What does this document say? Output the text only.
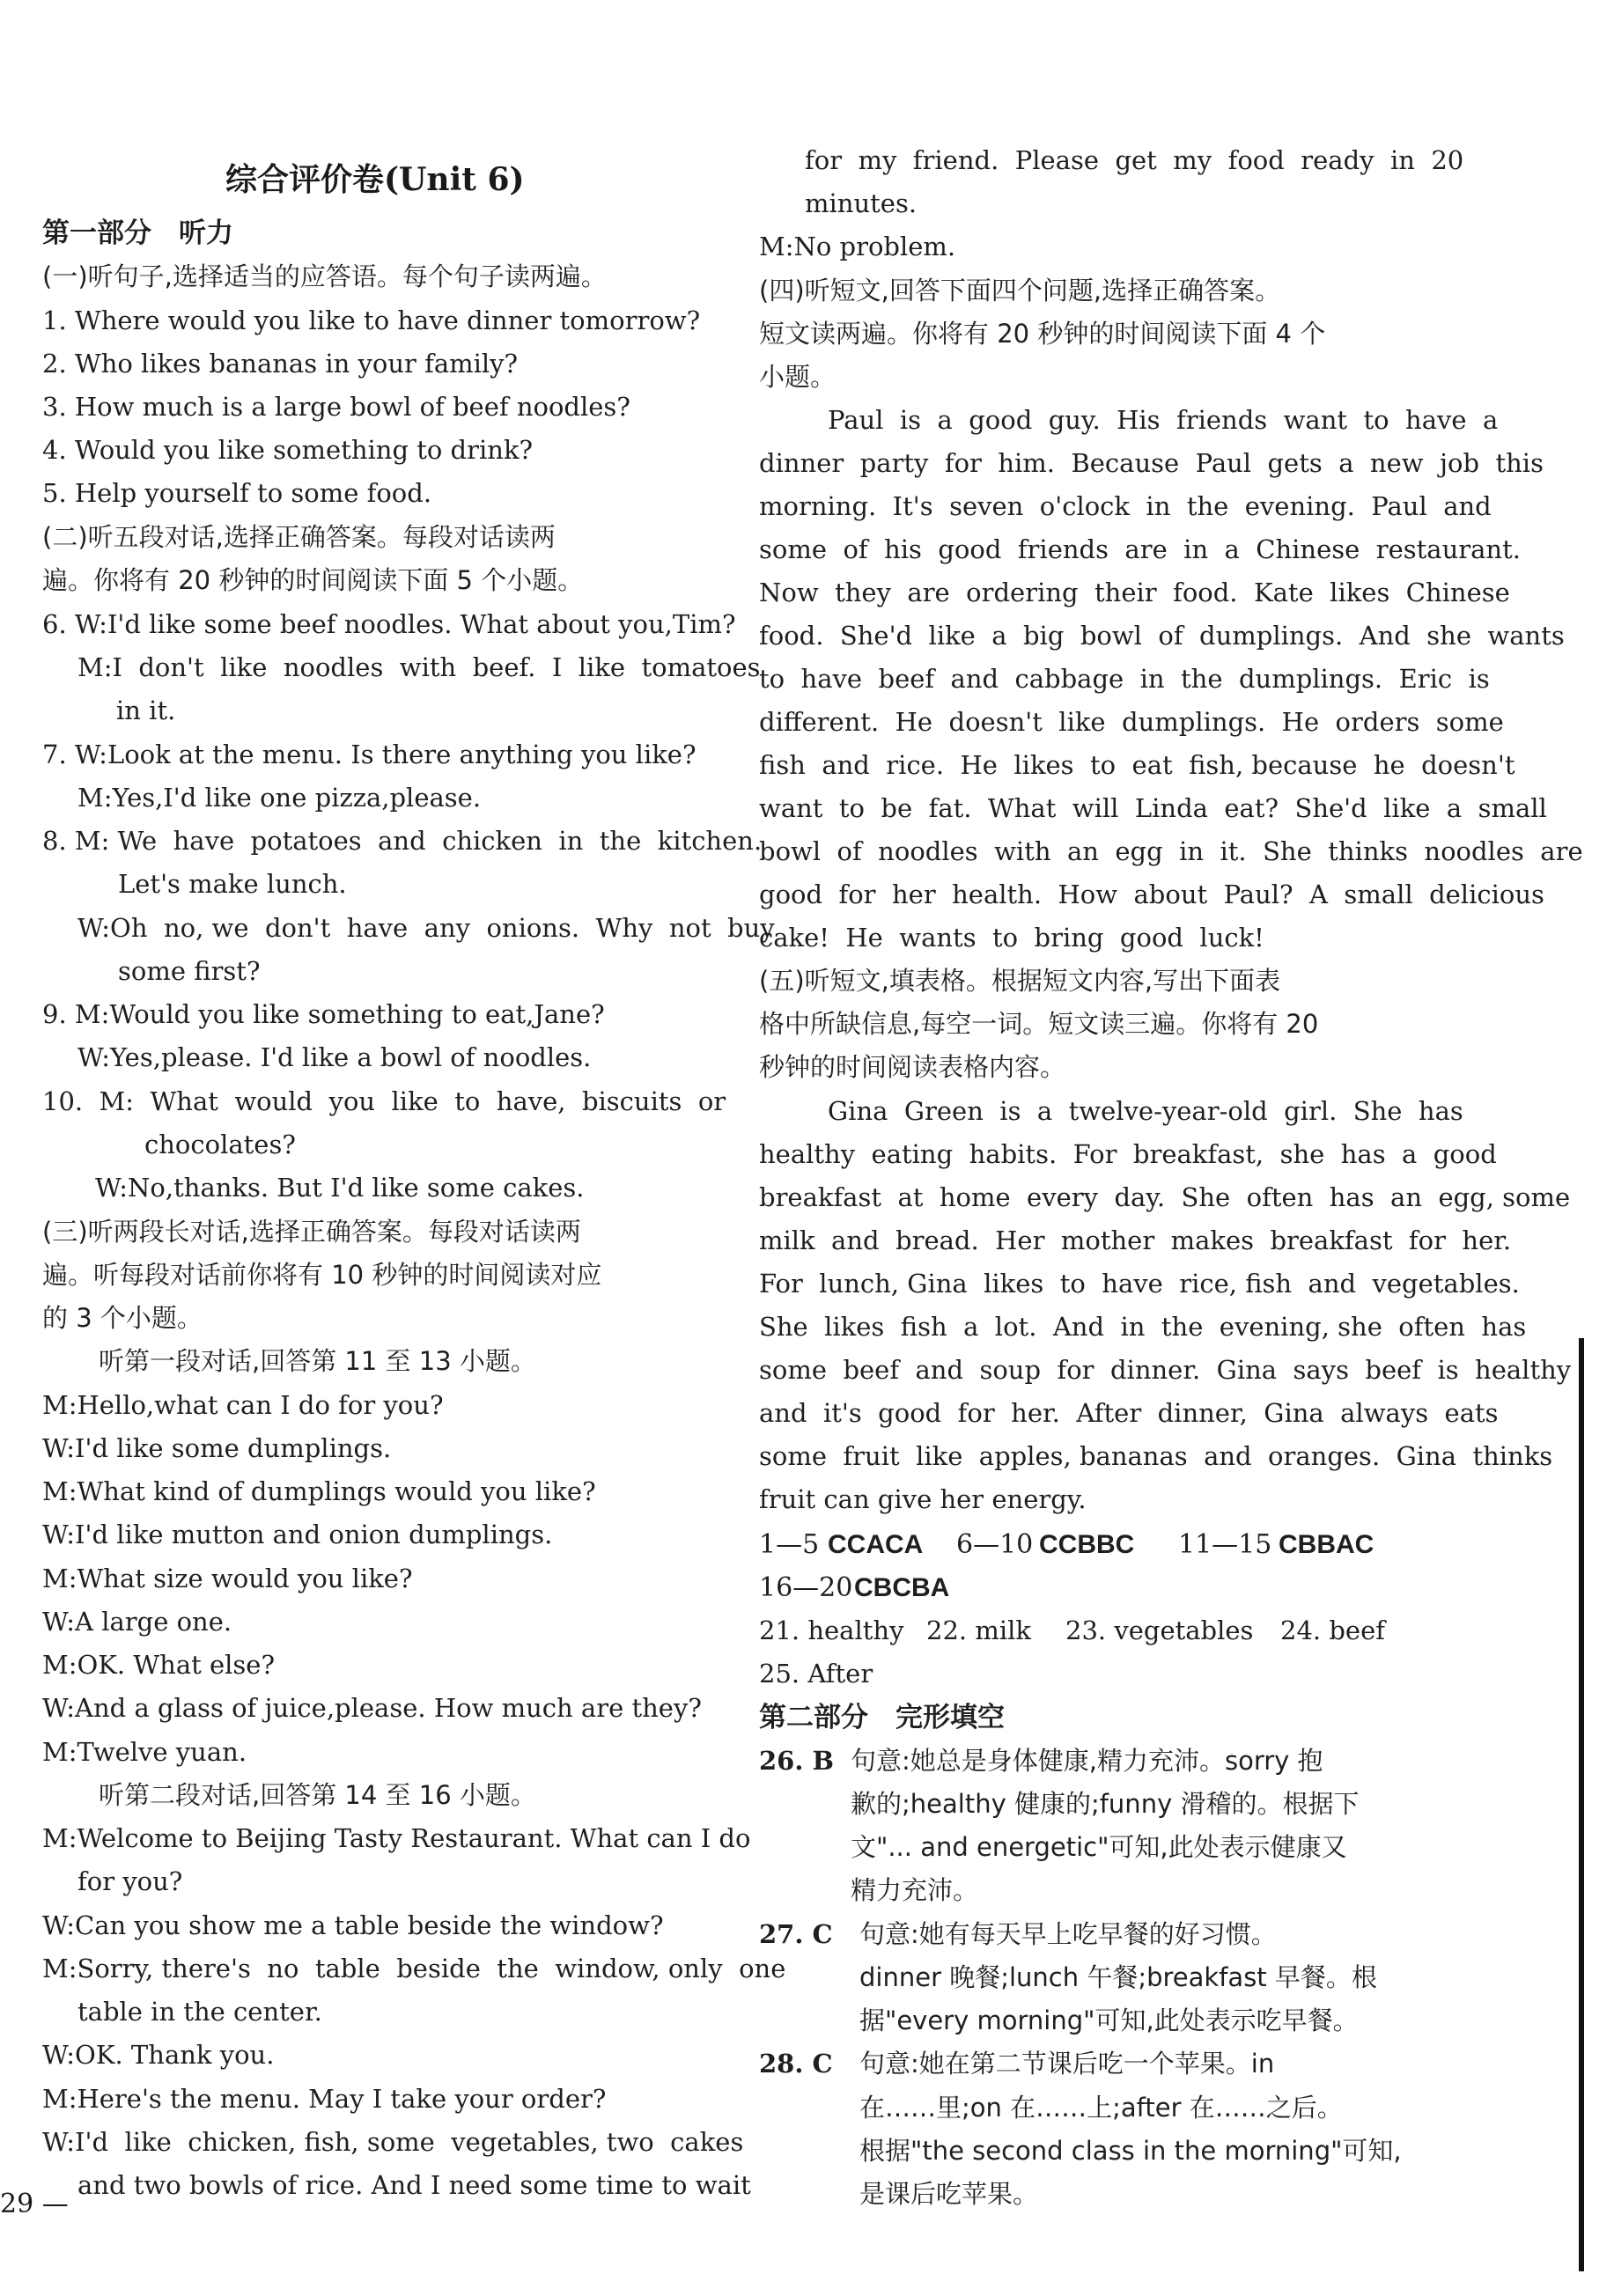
综合评价卷(Unit 6)
第一部分　听力
(一)听句子,选择适当的应答语。每个句子读两遍。
1. Where would you like to have dinner tomorrow?
2. Who likes bananas in your family?
3. How much is a large bowl of beef noodles?
4. Would you like something to drink?
5. Help yourself to some food.
(二)听五段对话,选择正确答案。每段对话读两
遍。你将有 20 秒钟的时间阅读下面 5 个小题。
6. W:I'd like some beef noodles. What about you,Tim?
M:I  don't  like  noodles  with  beef.  I  like  tomatoes
in it.
7. W:Look at the menu. Is there anything you like?
M:Yes,I'd like one pizza,please.
8. M: We  have  potatoes  and  chicken  in  the  kitchen.
Let's make lunch.
W:Oh  no, we  don't  have  any  onions.  Why  not  buy
some first?
9. M:Would you like something to eat,Jane?
W:Yes,please. I'd like a bowl of noodles.
10.  M:  What  would  you  like  to  have,  biscuits  or
chocolates?
W:No,thanks. But I'd like some cakes.
(三)听两段长对话,选择正确答案。每段对话读两
遍。听每段对话前你将有 10 秒钟的时间阅读对应
的 3 个小题。
听第一段对话,回答第 11 至 13 小题。
M:Hello,what can I do for you?
W:I'd like some dumplings.
M:What kind of dumplings would you like?
W:I'd like mutton and onion dumplings.
M:What size would you like?
W:A large one.
M:OK. What else?
W:And a glass of juice,please. How much are they?
M:Twelve yuan.
听第二段对话,回答第 14 至 16 小题。
M:Welcome to Beijing Tasty Restaurant. What can I do
for you?
W:Can you show me a table beside the window?
M:Sorry, there's  no  table  beside  the  window, only  one
table in the center.
W:OK. Thank you.
M:Here's the menu. May I take your order?
W:I'd  like  chicken, fish, some  vegetables, two  cakes
and two bowls of rice. And I need some time to wait
for  my  friend.  Please  get  my  food  ready  in  20
minutes.
M:No problem.
(四)听短文,回答下面四个问题,选择正确答案。
短文读两遍。你将有 20 秒钟的时间阅读下面 4 个
小题。
Paul  is  a  good  guy.  His  friends  want  to  have  a
dinner  party  for  him.  Because  Paul  gets  a  new  job  this
morning.  It's  seven  o'clock  in  the  evening.  Paul  and
some  of  his  good  friends  are  in  a  Chinese  restaurant.
Now  they  are  ordering  their  food.  Kate  likes  Chinese
food.  She'd  like  a  big  bowl  of  dumplings.  And  she  wants
to  have  beef  and  cabbage  in  the  dumplings.  Eric  is
different.  He  doesn't  like  dumplings.  He  orders  some
fish  and  rice.  He  likes  to  eat  fish, because  he  doesn't
want  to  be  fat.  What  will  Linda  eat?  She'd  like  a  small
bowl  of  noodles  with  an  egg  in  it.  She  thinks  noodles  are
good  for  her  health.  How  about  Paul?  A  small  delicious
cake!  He  wants  to  bring  good  luck!
(五)听短文,填表格。根据短文内容,写出下面表
格中所缺信息,每空一词。短文读三遍。你将有 20
秒钟的时间阅读表格内容。
Gina  Green  is  a  twelve-year-old  girl.  She  has
healthy  eating  habits.  For  breakfast,  she  has  a  good
breakfast  at  home  every  day.  She  often  has  an  egg, some
milk  and  bread.  Her  mother  makes  breakfast  for  her.
For  lunch, Gina  likes  to  have  rice, fish  and  vegetables.
She  likes  fish  a  lot.  And  in  the  evening, she  often  has
some  beef  and  soup  for  dinner.  Gina  says  beef  is  healthy
and  it's  good  for  her.  After  dinner,  Gina  always  eats
some  fruit  like  apples, bananas  and  oranges.  Gina  thinks
fruit can give her energy.
1—5 CCACA 6—10 CCBBC 11—15 CBBAC
16—20 CBCBA
21. healthy 22. milk 23. vegetables 24. beef
25. After
第二部分　完形填空
26. B 句意:她总是身体健康,精力充沛。sorry 抱
歉的;healthy 健康的;funny 滑稽的。根据下
文"... and energetic"可知,此处表示健康又
精力充沛。
27. C 句意:她有每天早上吃早餐的好习惯。
dinner 晚餐;lunch 午餐;breakfast 早餐。根
据"every morning"可知,此处表示吃早餐。
28. C 句意:她在第二节课后吃一个苹果。in
在……里;on 在……上;after 在……之后。
根据"the second class in the morning"可知,
是课后吃苹果。
29 —
